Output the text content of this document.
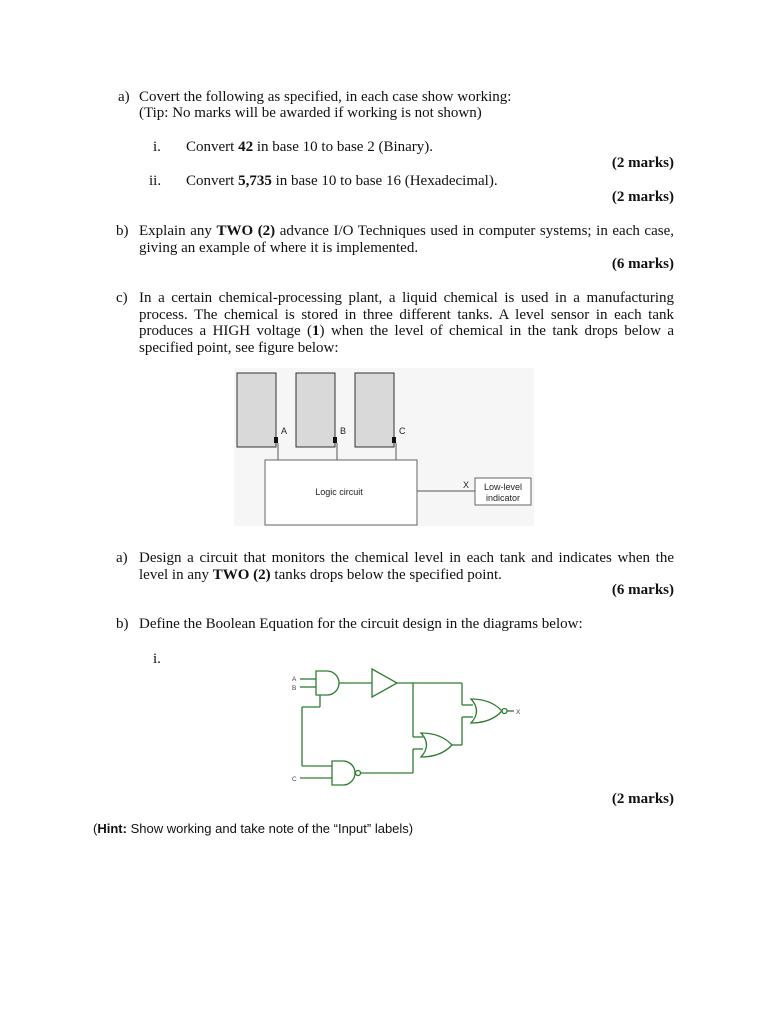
a) Covert the following as specified, in each case show working:
(Tip: No marks will be awarded if working is not shown)
i. Convert 42 in base 10 to base 2 (Binary).
(2 marks)
ii. Convert 5,735 in base 10 to base 16 (Hexadecimal).
(2 marks)
b) Explain any TWO (2) advance I/O Techniques used in computer systems; in each case, giving an example of where it is implemented.
(6 marks)
c) In a certain chemical-processing plant, a liquid chemical is used in a manufacturing process. The chemical is stored in three different tanks. A level sensor in each tank produces a HIGH voltage (1) when the level of chemical in the tank drops below a specified point, see figure below:
A	B	C
Logic circuit
X Low-level
indicator
a) Design a circuit that monitors the chemical level in each tank and indicates when the level in any TWO (2) tanks drops below the specified point.
(6 marks)
b) Define the Boolean Equation for the circuit design in the diagrams below:
i.
A
B
C
X
(2 marks)
(Hint: Show working and take note of the “Input” labels)
